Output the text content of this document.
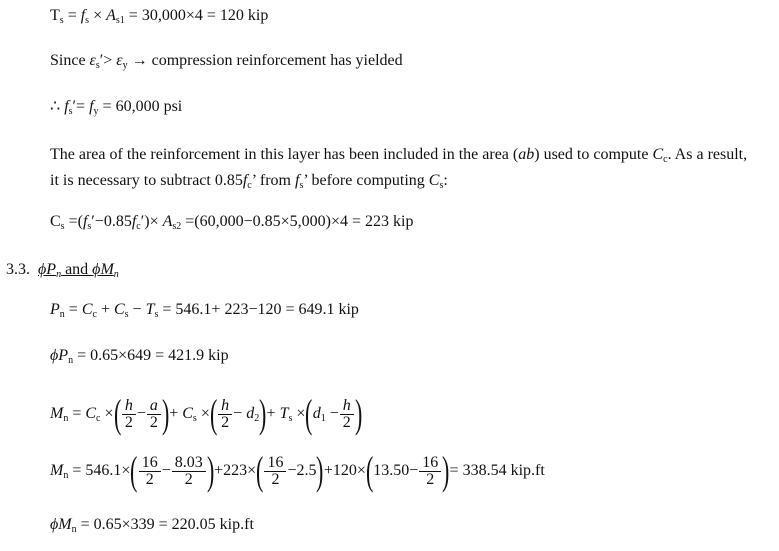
$T_s = f_s \times A_{s1} = 30,000\times 4 = 120$ kip
Since $\varepsilon_s'> \varepsilon_y$ → compression reinforcement has yielded
∴ $f_s'= f_y = 60,000$ psi
The area of the reinforcement in this layer has been included in the area (ab) used to compute $C_c$. As a result,
it is necessary to subtract $0.85f_c$’ from $f_s$’ before computing $C_s$:
$C_s =(f_s'-0.85f_c')\times A_{s2} =(60,000-0.85\times 5,000)\times 4 = 223$ kip
3.3. $\phi P_n$ and $\phi M_n$
$P_n = C_c + C_s - T_s = 546.1+ 223-120 = 649.1$ kip
$\phi P_n = 0.65\times 649 = 421.9$ kip
$M_n = C_c$ ×( $\frac{h}{2} - \frac{a}{2}$ )+ $C_s$ ×( $\frac{h}{2} - d_2)+ T_s \times(d_1 - \frac{h}{2}$ )
$M_n = 546.1\times( \frac{16}{2} - \frac{8.03}{2} )+223\times( \frac{16}{2} -2.5)+120\times(13.50- \frac{16}{2}$ )= 338.54 kip.ft
$\phi M_n = 0.65\times 339 = 220.05$ kip.ft
